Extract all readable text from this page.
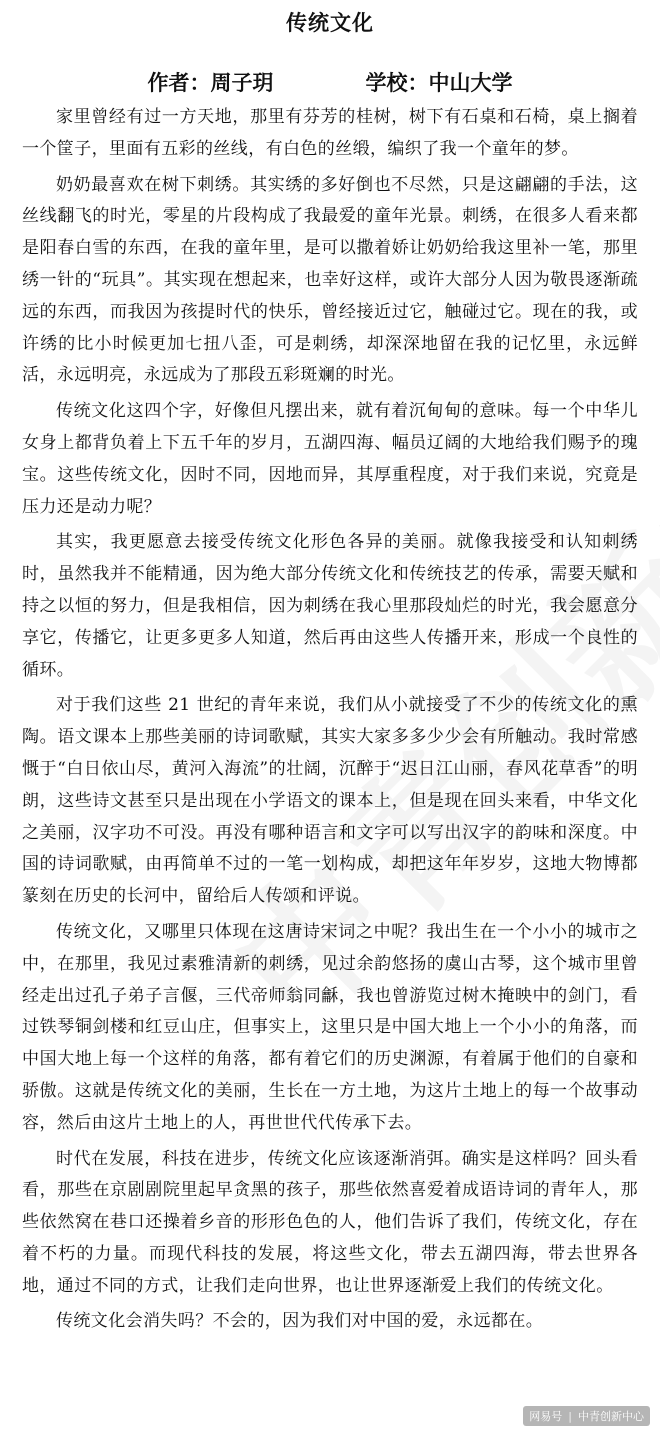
传统文化
作者：周子玥	学校：中山大学

家里曾经有过一方天地，那里有芬芳的桂树，树下有石桌和石椅，桌上搁着一个筐子，里面有五彩的丝线，有白色的丝缎，编织了我一个童年的梦。

奶奶最喜欢在树下刺绣。其实绣的多好倒也不尽然，只是这翩翩的手法，这丝线翻飞的时光，零星的片段构成了我最爱的童年光景。刺绣，在很多人看来都是阳春白雪的东西，在我的童年里，是可以撒着娇让奶奶给我这里补一笔，那里绣一针的“玩具”。其实现在想起来，也幸好这样，或许大部分人因为敬畏逐渐疏远的东西，而我因为孩提时代的快乐，曾经接近过它，触碰过它。现在的我，或许绣的比小时候更加七扭八歪，可是刺绣，却深深地留在我的记忆里，永远鲜活，永远明亮，永远成为了那段五彩斑斓的时光。

传统文化这四个字，好像但凡摆出来，就有着沉甸甸的意味。每一个中华儿女身上都背负着上下五千年的岁月，五湖四海、幅员辽阔的大地给我们赐予的瑰宝。这些传统文化，因时不同，因地而异，其厚重程度，对于我们来说，究竟是压力还是动力呢？

其实，我更愿意去接受传统文化形色各异的美丽。就像我接受和认知刺绣时，虽然我并不能精通，因为绝大部分传统文化和传统技艺的传承，需要天赋和持之以恒的努力，但是我相信，因为刺绣在我心里那段灿烂的时光，我会愿意分享它，传播它，让更多更多人知道，然后再由这些人传播开来，形成一个良性的循环。

对于我们这些 21 世纪的青年来说，我们从小就接受了不少的传统文化的熏陶。语文课本上那些美丽的诗词歌赋，其实大家多多少少会有所触动。我时常感慨于“白日依山尽，黄河入海流”的壮阔，沉醉于“迟日江山丽，春风花草香”的明朗，这些诗文甚至只是出现在小学语文的课本上，但是现在回头来看，中华文化之美丽，汉字功不可没。再没有哪种语言和文字可以写出汉字的韵味和深度。中国的诗词歌赋，由再简单不过的一笔一划构成，却把这年年岁岁，这地大物博都篆刻在历史的长河中，留给后人传颂和评说。

传统文化，又哪里只体现在这唐诗宋词之中呢？我出生在一个小小的城市之中，在那里，我见过素雅清新的刺绣，见过余韵悠扬的虞山古琴，这个城市里曾经走出过孔子弟子言偃，三代帝师翁同龢，我也曾游览过树木掩映中的剑门，看过铁琴铜剑楼和红豆山庄，但事实上，这里只是中国大地上一个小小的角落，而中国大地上每一个这样的角落，都有着它们的历史渊源，有着属于他们的自豪和骄傲。这就是传统文化的美丽，生长在一方土地，为这片土地上的每一个故事动容，然后由这片土地上的人，再世世代代传承下去。

时代在发展，科技在进步，传统文化应该逐渐消弭。确实是这样吗？回头看看，那些在京剧剧院里起早贪黑的孩子，那些依然喜爱着成语诗词的青年人，那些依然窝在巷口还操着乡音的形形色色的人，他们告诉了我们，传统文化，存在着不朽的力量。而现代科技的发展，将这些文化，带去五湖四海，带去世界各地，通过不同的方式，让我们走向世界，也让世界逐渐爱上我们的传统文化。

传统文化会消失吗？不会的，因为我们对中国的爱，永远都在。

网易号 | 中青创新中心
